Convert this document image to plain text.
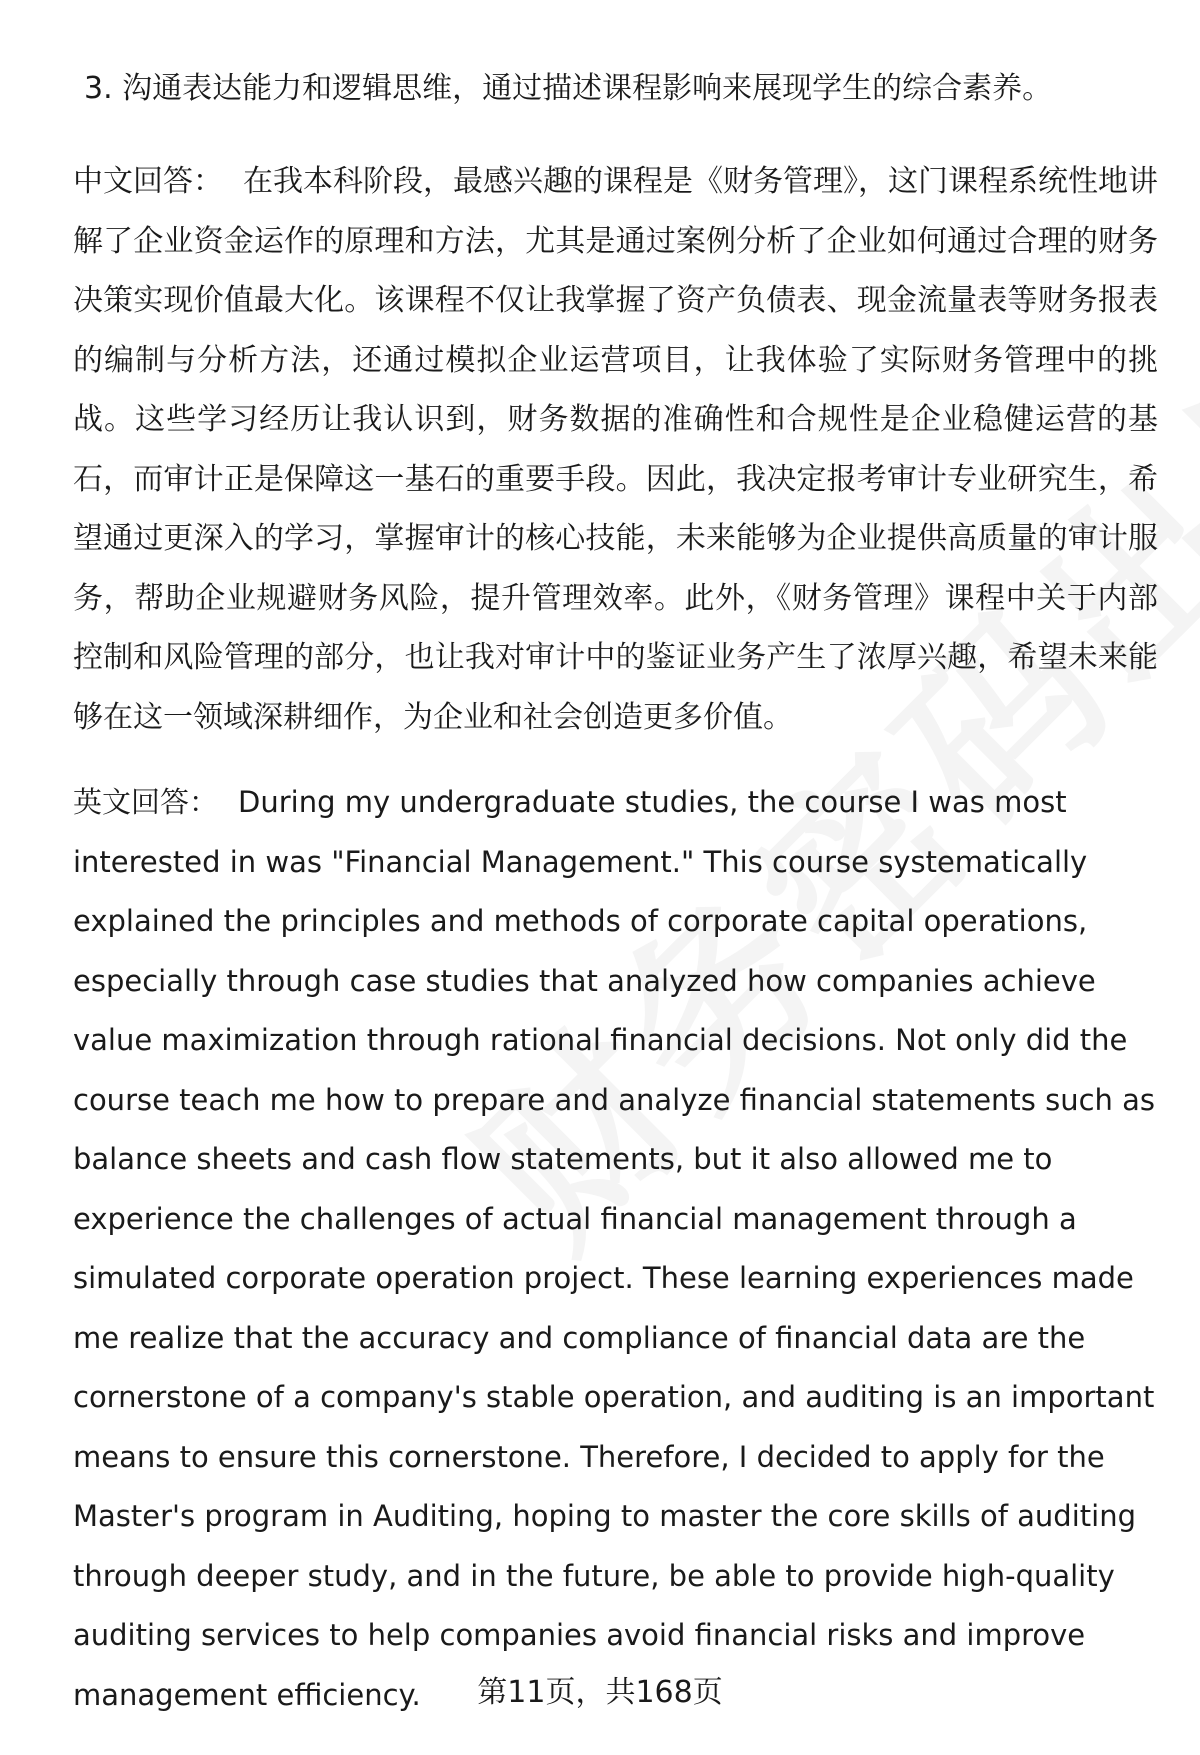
3. 沟通表达能力和逻辑思维，通过描述课程影响来展现学生的综合素养。

中文回答： 在我本科阶段，最感兴趣的课程是《财务管理》，这门课程系统性地讲解了企业资金运作的原理和方法，尤其是通过案例分析了企业如何通过合理的财务决策实现价值最大化。该课程不仅让我掌握了资产负债表、现金流量表等财务报表的编制与分析方法，还通过模拟企业运营项目，让我体验了实际财务管理中的挑战。这些学习经历让我认识到，财务数据的准确性和合规性是企业稳健运营的基石，而审计正是保障这一基石的重要手段。因此，我决定报考审计专业研究生，希望通过更深入的学习，掌握审计的核心技能，未来能够为企业提供高质量的审计服务，帮助企业规避财务风险，提升管理效率。此外，《财务管理》课程中关于内部控制和风险管理的部分，也让我对审计中的鉴证业务产生了浓厚兴趣，希望未来能够在这一领域深耕细作，为企业和社会创造更多价值。

英文回答： During my undergraduate studies, the course I was most interested in was "Financial Management." This course systematically explained the principles and methods of corporate capital operations, especially through case studies that analyzed how companies achieve value maximization through rational financial decisions. Not only did the course teach me how to prepare and analyze financial statements such as balance sheets and cash flow statements, but it also allowed me to experience the challenges of actual financial management through a simulated corporate operation project. These learning experiences made me realize that the accuracy and compliance of financial data are the cornerstone of a company's stable operation, and auditing is an important means to ensure this cornerstone. Therefore, I decided to apply for the Master's program in Auditing, hoping to master the core skills of auditing through deeper study, and in the future, be able to provide high-quality auditing services to help companies avoid financial risks and improve management efficiency.	第11页，共168页
